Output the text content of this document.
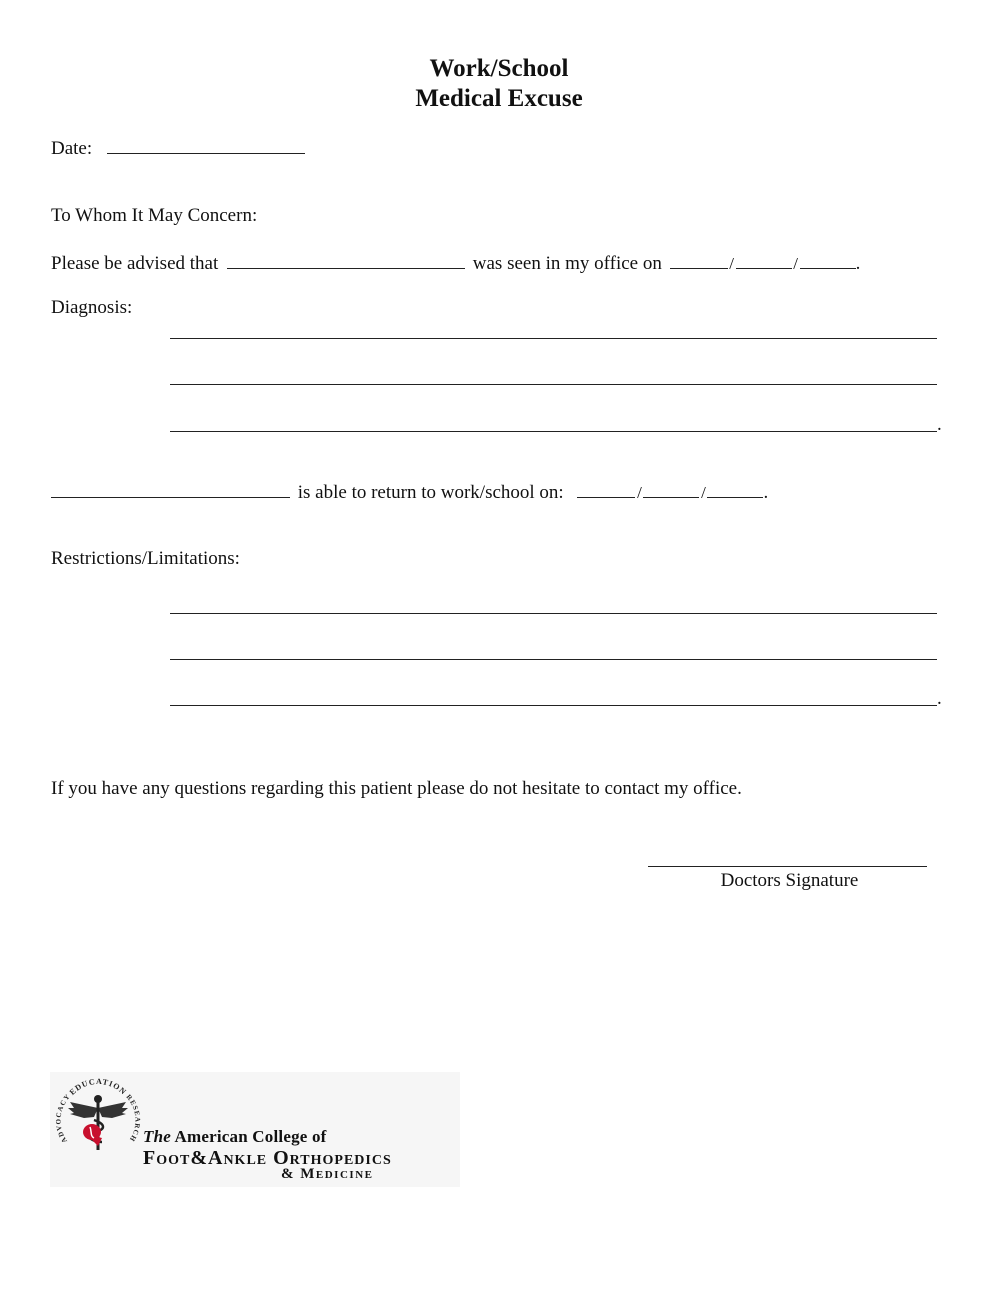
Work/School
Medical Excuse
Date:
To Whom It May Concern:
Please be advised that	was seen in my office on	/	/	.
Diagnosis:
.
is able to return to work/school on:	/	/	.
Restrictions/Limitations:
.
If you have any questions regarding this patient please do not hesitate to contact my office.
Doctors Signature
EDUCATION
RESEARCH
ADVOCACY
The American College of
Foot&Ankle Orthopedics
& Medicine
